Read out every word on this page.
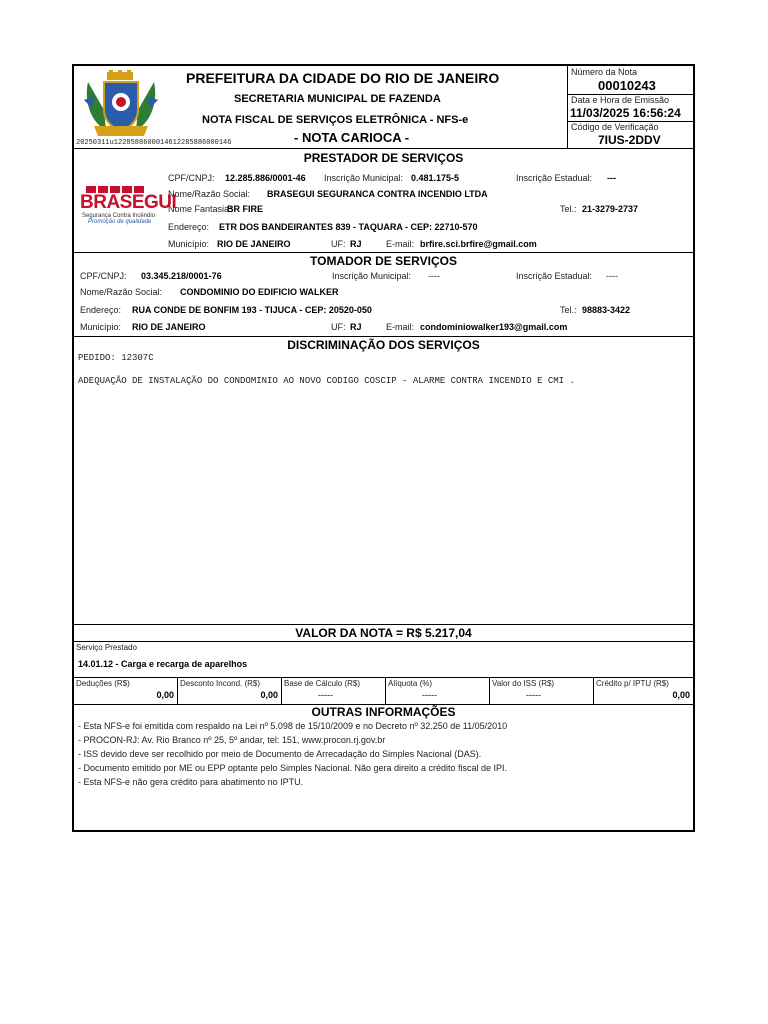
20250311u1228588600014612285886000146
PREFEITURA DA CIDADE DO RIO DE JANEIRO
SECRETARIA MUNICIPAL DE FAZENDA
NOTA FISCAL DE SERVIÇOS ELETRÔNICA - NFS-e
- NOTA CARIOCA -
Número da Nota
00010243
Data e Hora de Emissão
11/03/2025 16:56:24
Código de Verificação
7IUS-2DDV
PRESTADOR DE SERVIÇOS
BRASEGUI
Segurança Contra Incêndio
Promoção de qualidade
CPF/CNPJ: 12.285.886/0001-46 Inscrição Municipal: 0.481.175-5	Inscrição Estadual: ---
Nome/Razão Social: BRASEGUI SEGURANCA CONTRA INCENDIO LTDA
Nome Fantasia:
BR FIRE	Tel.: 21-3279-2737
Endereço: ETR DOS BANDEIRANTES 839 - TAQUARA - CEP: 22710-570
Município: RIO DE JANEIRO	UF: RJ	E-mail: brfire.sci.brfire@gmail.com
TOMADOR DE SERVIÇOS
CPF/CNPJ: 03.345.218/0001-76	Inscrição Municipal: ----	Inscrição Estadual: ----
Nome/Razão Social: CONDOMINIO DO EDIFICIO WALKER
Endereço: RUA CONDE DE BONFIM 193 - TIJUCA - CEP: 20520-050	Tel.: 98883-3422
Município: RIO DE JANEIRO	UF: RJ	E-mail: condominiowalker193@gmail.com
DISCRIMINAÇÃO DOS SERVIÇOS
PEDIDO: 12307C
ADEQUAÇÃO DE INSTALAÇÃO DO CONDOMINIO AO NOVO CODIGO COSCIP - ALARME CONTRA INCENDIO E CMI .
VALOR DA NOTA = R$ 5.217,04
Serviço Prestado
14.01.12 - Carga e recarga de aparelhos
Deduções (R$)
0,00
Desconto Incond. (R$)
0,00
Base de Cálculo (R$)
-----
Alíquota (%)
-----
Valor do ISS (R$)
-----
Crédito p/ IPTU (R$)
0,00
OUTRAS INFORMAÇÕES
- Esta NFS-e foi emitida com respaldo na Lei nº 5.098 de 15/10/2009 e no Decreto nº 32.250 de 11/05/2010
- PROCON-RJ: Av. Rio Branco nº 25, 5º andar, tel: 151, www.procon.rj.gov.br
- ISS devido deve ser recolhido por meio de Documento de Arrecadação do Simples Nacional (DAS).
- Documento emitido por ME ou EPP optante pelo Simples Nacional. Não gera direito a crédito fiscal de IPI.
- Esta NFS-e não gera crédito para abatimento no IPTU.
